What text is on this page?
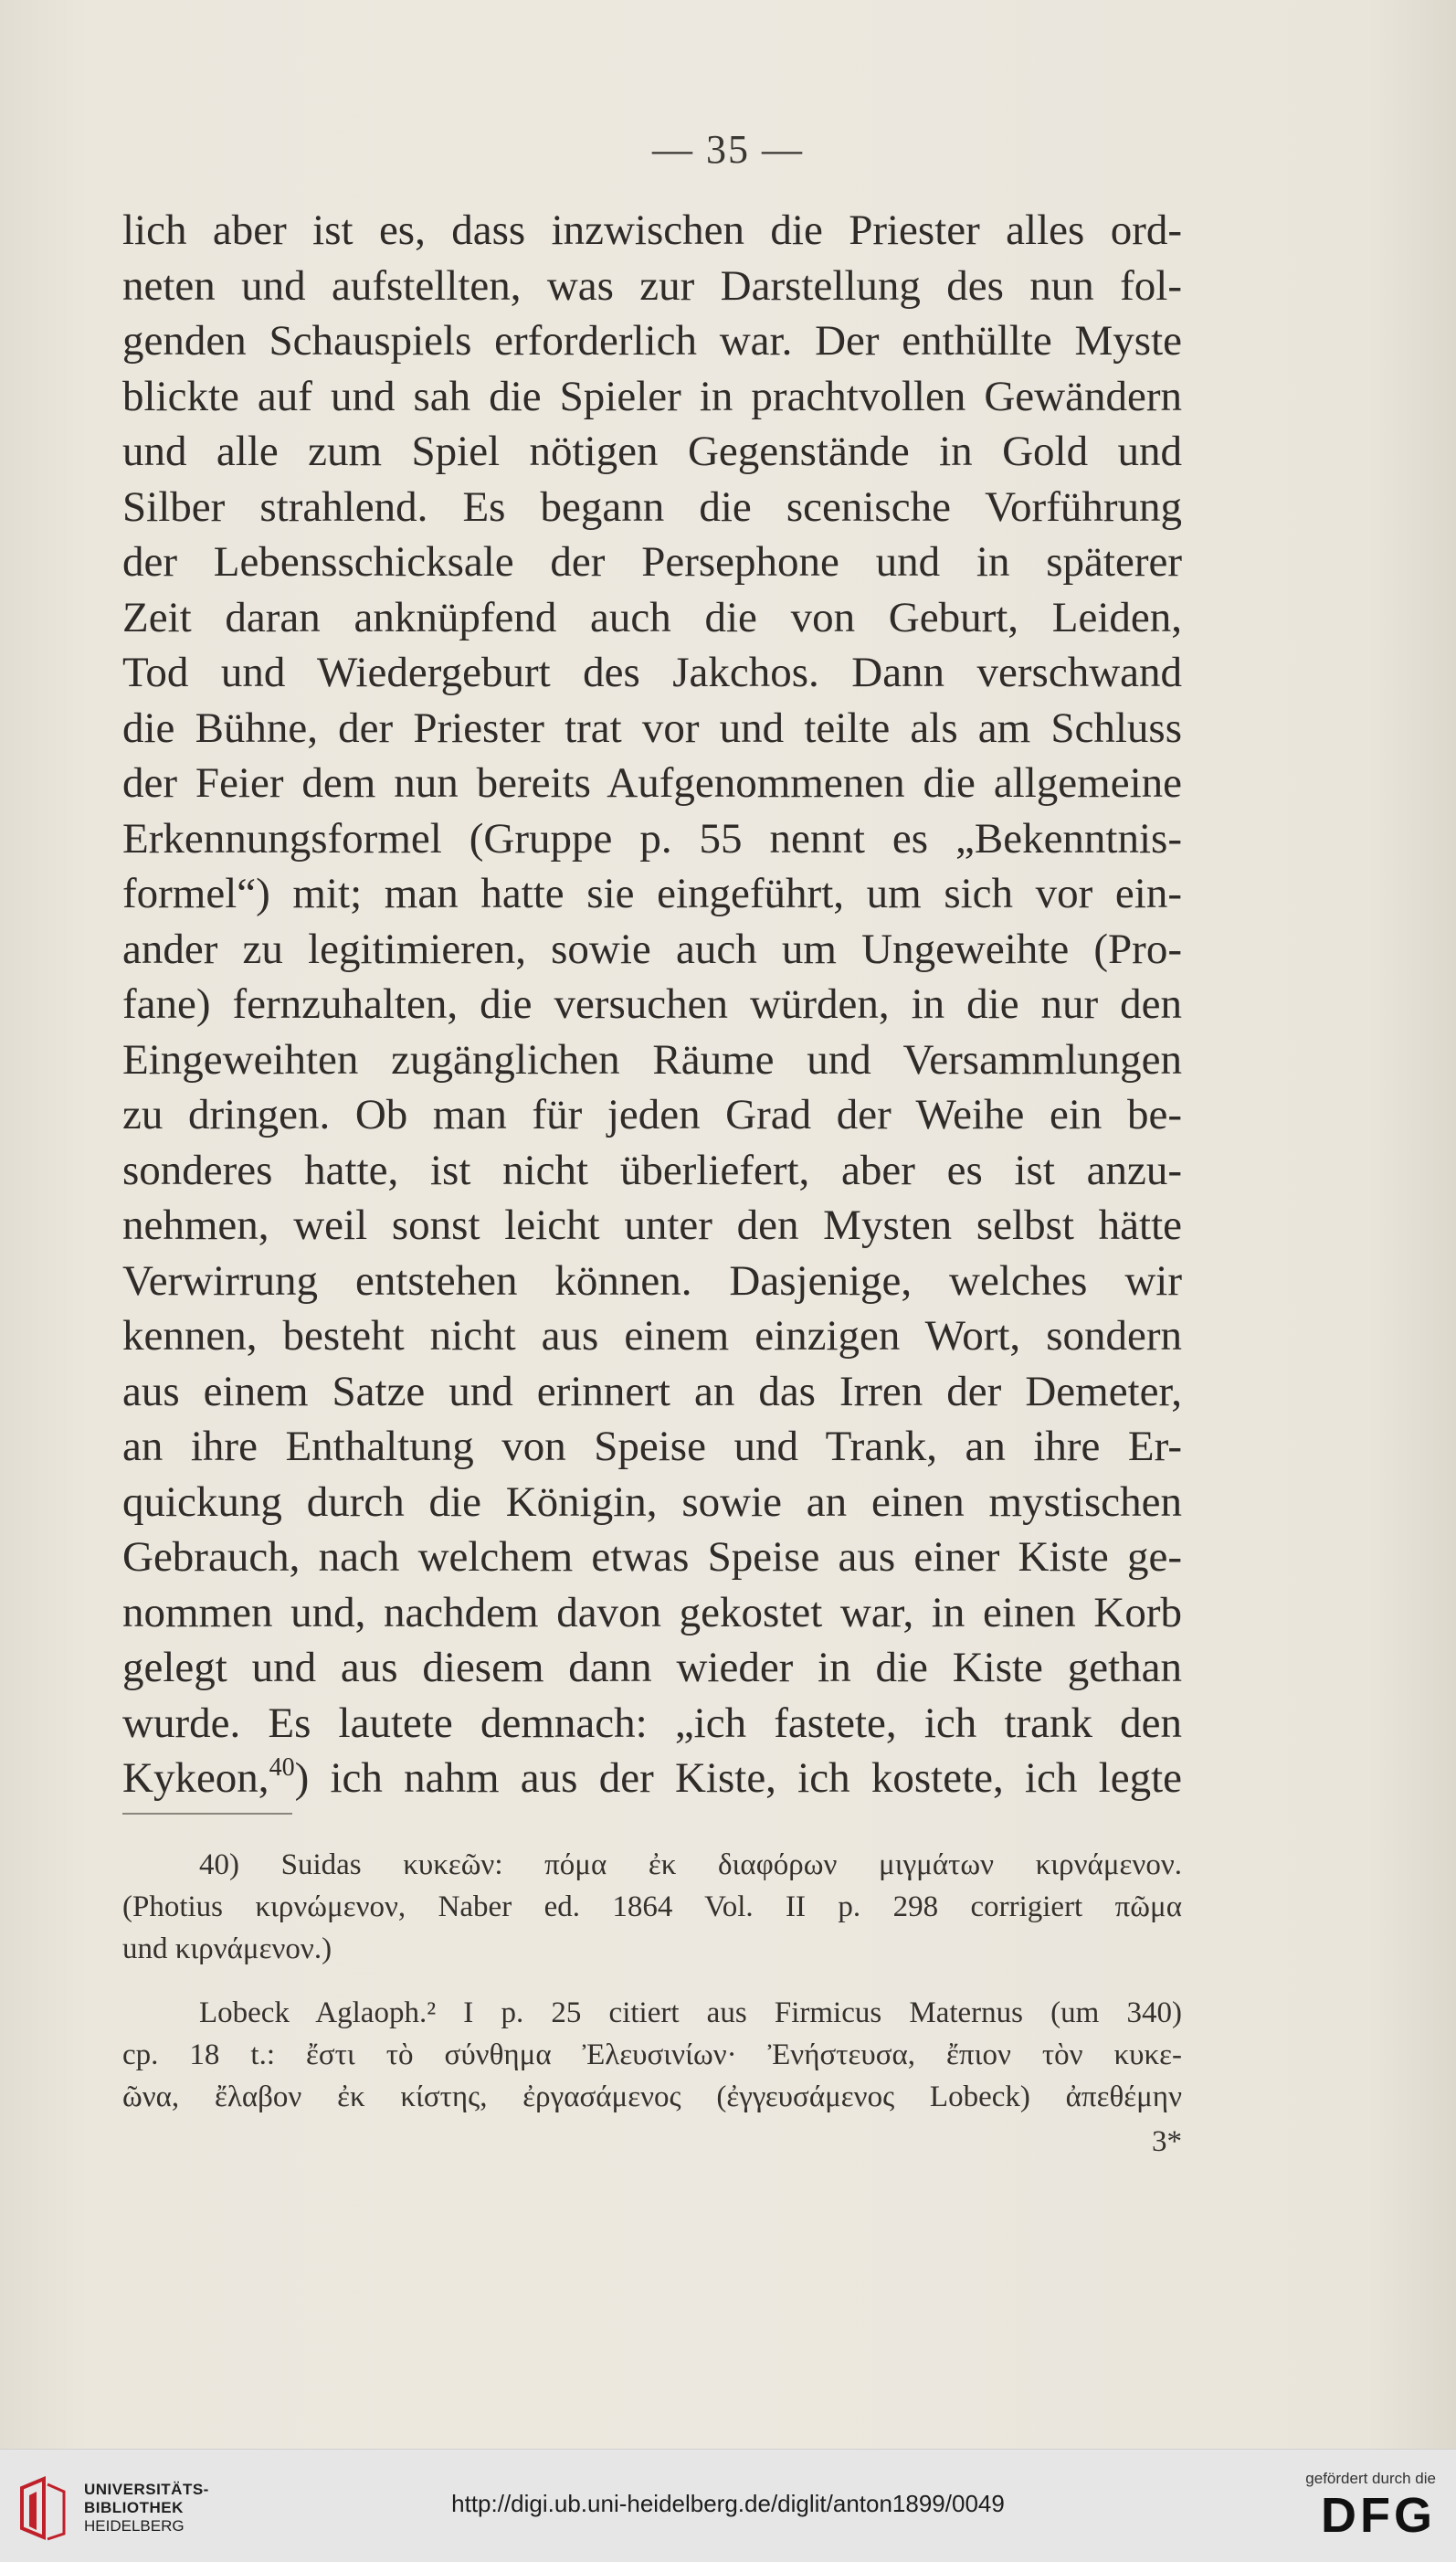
— 35 —
lich aber ist es, dass inzwischen die Priester alles ord-
neten und aufstellten, was zur Darstellung des nun fol-
genden Schauspiels erforderlich war. Der enthüllte Myste
blickte auf und sah die Spieler in prachtvollen Gewändern
und alle zum Spiel nötigen Gegenstände in Gold und
Silber strahlend. Es begann die scenische Vorführung
der Lebensschicksale der Persephone und in späterer
Zeit daran anknüpfend auch die von Geburt, Leiden,
Tod und Wiedergeburt des Jakchos. Dann verschwand
die Bühne, der Priester trat vor und teilte als am Schluss
der Feier dem nun bereits Aufgenommenen die allgemeine
Erkennungsformel (Gruppe p. 55 nennt es „Bekenntnis-
formel“) mit; man hatte sie eingeführt, um sich vor ein-
ander zu legitimieren, sowie auch um Ungeweihte (Pro-
fane) fernzuhalten, die versuchen würden, in die nur den
Eingeweihten zugänglichen Räume und Versammlungen
zu dringen. Ob man für jeden Grad der Weihe ein be-
sonderes hatte, ist nicht überliefert, aber es ist anzu-
nehmen, weil sonst leicht unter den Mysten selbst hätte
Verwirrung entstehen können. Dasjenige, welches wir
kennen, besteht nicht aus einem einzigen Wort, sondern
aus einem Satze und erinnert an das Irren der Demeter,
an ihre Enthaltung von Speise und Trank, an ihre Er-
quickung durch die Königin, sowie an einen mystischen
Gebrauch, nach welchem etwas Speise aus einer Kiste ge-
nommen und, nachdem davon gekostet war, in einen Korb
gelegt und aus diesem dann wieder in die Kiste gethan
wurde. Es lautete demnach: „ich fastete, ich trank den
Kykeon,$^{40}$) ich nahm aus der Kiste, ich kostete, ich legte
40) Suidas κυκεῶν: πόμα ἐκ διαφόρων μιγμάτων κιρνάμενον.
(Photius κιρνώμενον, Naber ed. 1864 Vol. II p. 298 corrigiert πῶμα
und κιρνάμενον.)
Lobeck Aglaoph.² I p. 25 citiert aus Firmicus Maternus (um 340)
cp. 18 t.: ἔστι τὸ σύνθημα Ἐλευσινίων· Ἐνήστευσα, ἔπιον τὸν κυκε-
ῶνα, ἔλαβον ἐκ κίστης, ἐργασάμενος (ἐγγευσάμενος Lobeck) ἀπεθέμην
3*
UNIVERSITÄTS-
BIBLIOTHEK
HEIDELBERG
http://digi.ub.uni-heidelberg.de/diglit/anton1899/0049
gefördert durch die
DFG
